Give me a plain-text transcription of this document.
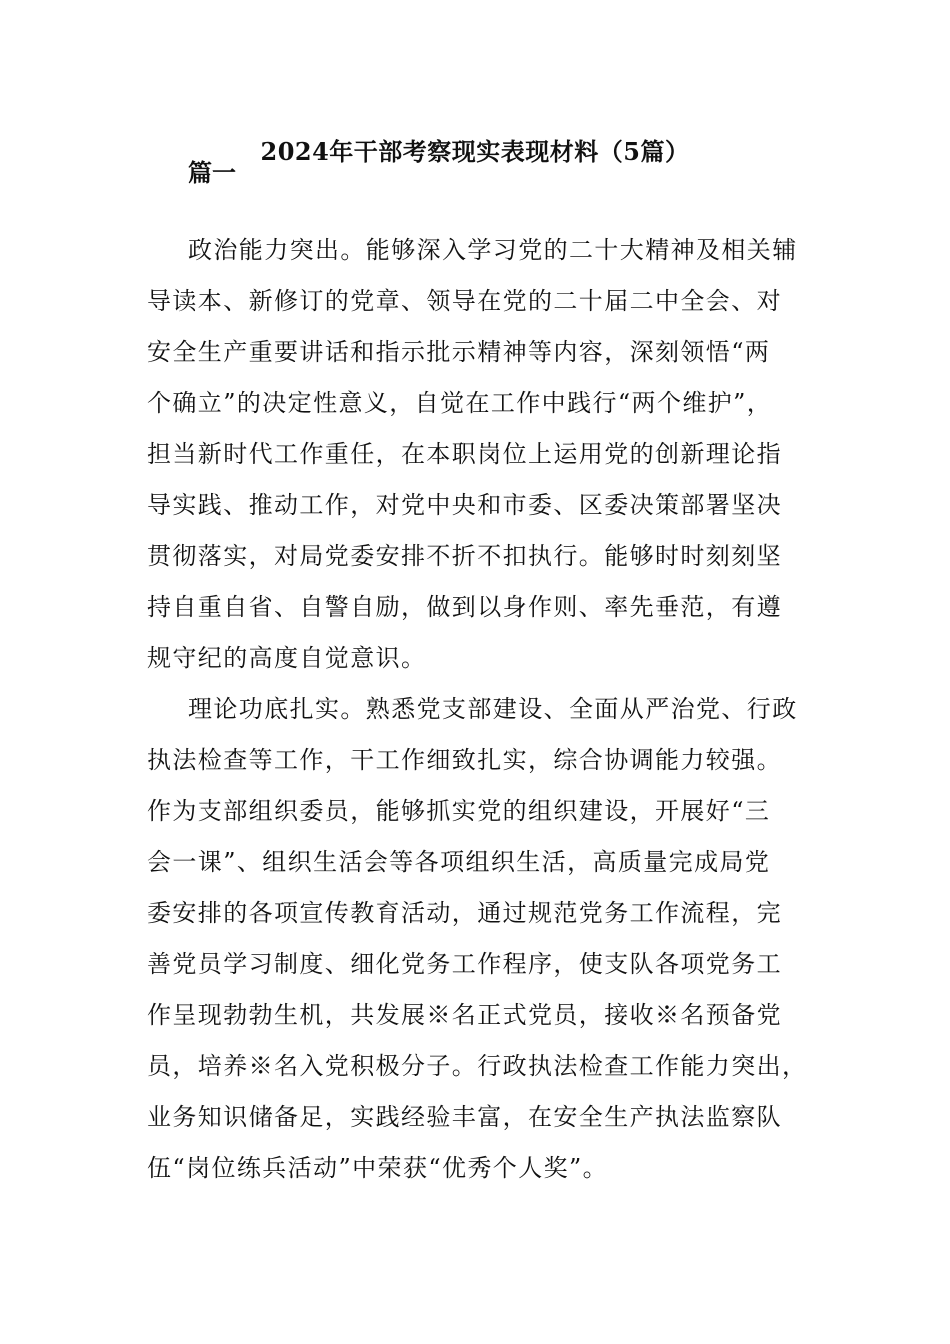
2024年干部考察现实表现材料（5篇）
篇一
政治能力突出。能够深入学习党的二十大精神及相关辅
导读本、新修订的党章、领导在党的二十届二中全会、对
安全生产重要讲话和指示批示精神等内容，深刻领悟“两
个确立”的决定性意义，自觉在工作中践行“两个维护”，
担当新时代工作重任，在本职岗位上运用党的创新理论指
导实践、推动工作，对党中央和市委、区委决策部署坚决
贯彻落实，对局党委安排不折不扣执行。能够时时刻刻坚
持自重自省、自警自励，做到以身作则、率先垂范，有遵
规守纪的高度自觉意识。
理论功底扎实。熟悉党支部建设、全面从严治党、行政
执法检查等工作，干工作细致扎实，综合协调能力较强。
作为支部组织委员，能够抓实党的组织建设，开展好“三
会一课”、组织生活会等各项组织生活，高质量完成局党
委安排的各项宣传教育活动，通过规范党务工作流程，完
善党员学习制度、细化党务工作程序，使支队各项党务工
作呈现勃勃生机，共发展※名正式党员，接收※名预备党
员，培养※名入党积极分子。行政执法检查工作能力突出，
业务知识储备足，实践经验丰富，在安全生产执法监察队
伍“岗位练兵活动”中荣获“优秀个人奖”。
